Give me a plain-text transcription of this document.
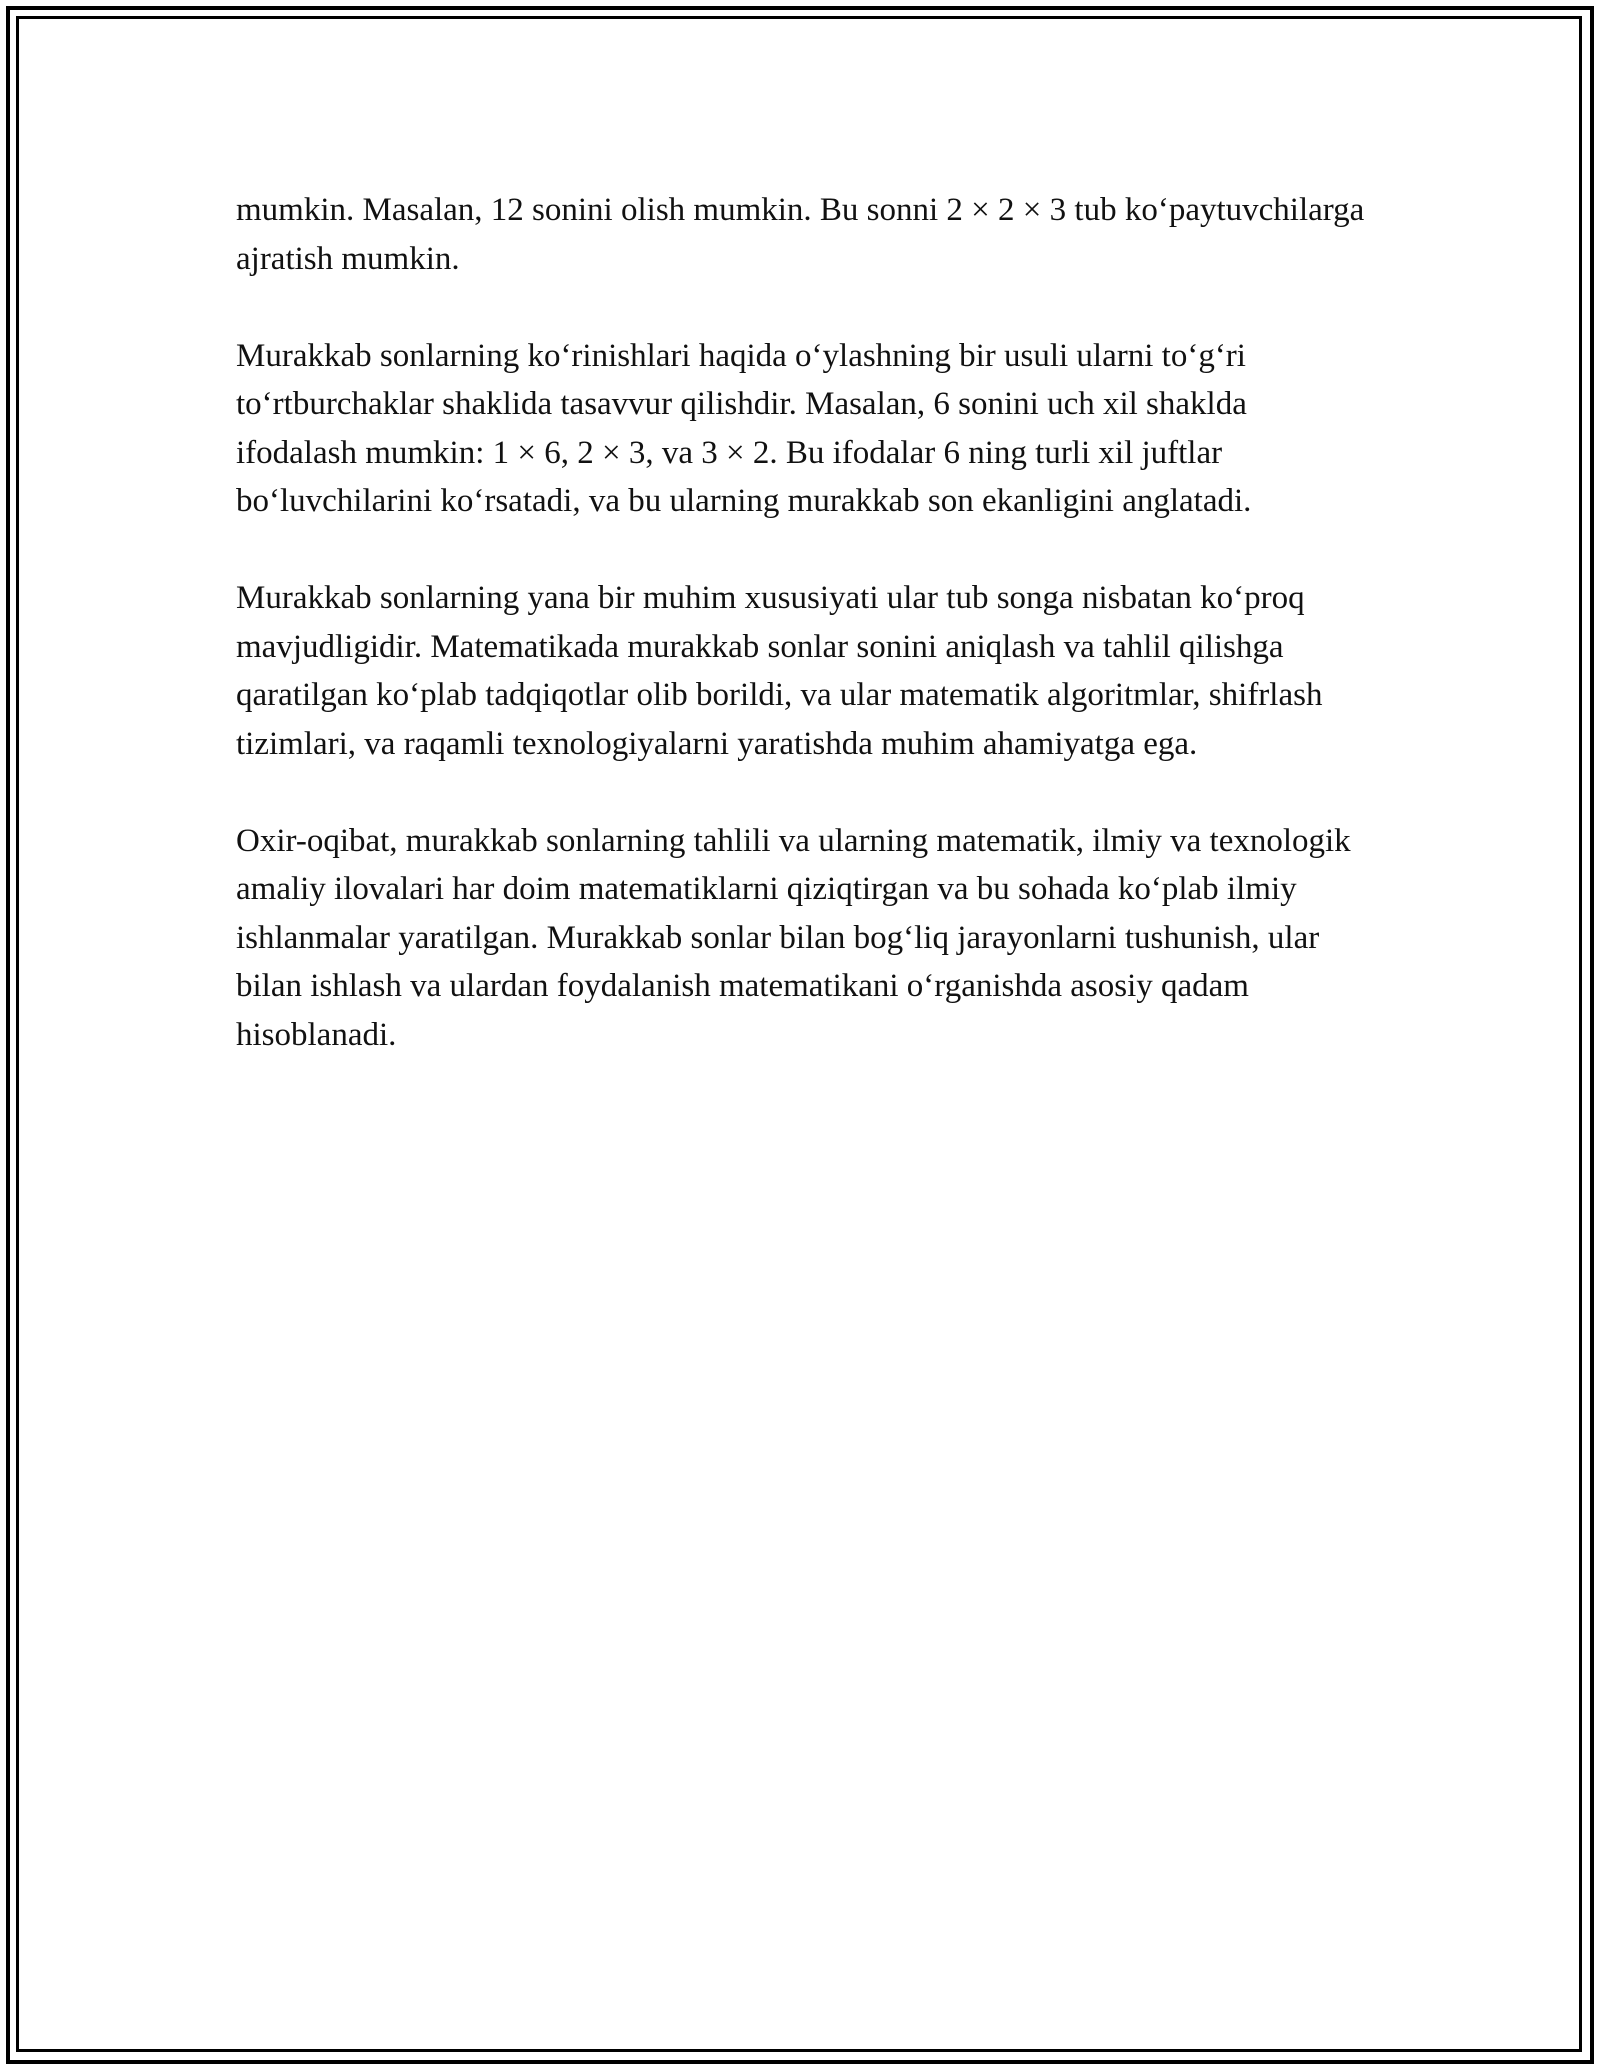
mumkin. Masalan, 12 sonini olish mumkin. Bu sonni 2 × 2 × 3 tub ko‘paytuvchilarga ajratish mumkin.

Murakkab sonlarning ko‘rinishlari haqida o‘ylashning bir usuli ularni to‘g‘ri to‘rtburchaklar shaklida tasavvur qilishdir. Masalan, 6 sonini uch xil shaklda ifodalash mumkin: 1 × 6, 2 × 3, va 3 × 2. Bu ifodalar 6 ning turli xil juftlar bo‘luvchilarini ko‘rsatadi, va bu ularning murakkab son ekanligini anglatadi.

Murakkab sonlarning yana bir muhim xususiyati ular tub songa nisbatan ko‘proq mavjudligidir. Matematikada murakkab sonlar sonini aniqlash va tahlil qilishga qaratilgan ko‘plab tadqiqotlar olib borildi, va ular matematik algoritmlar, shifrlash tizimlari, va raqamli texnologiyalarni yaratishda muhim ahamiyatga ega.

Oxir-oqibat, murakkab sonlarning tahlili va ularning matematik, ilmiy va texnologik amaliy ilovalari har doim matematiklarni qiziqtirgan va bu sohada ko‘plab ilmiy ishlanmalar yaratilgan. Murakkab sonlar bilan bog‘liq jarayonlarni tushunish, ular bilan ishlash va ulardan foydalanish matematikani o‘rganishda asosiy qadam hisoblanadi.
